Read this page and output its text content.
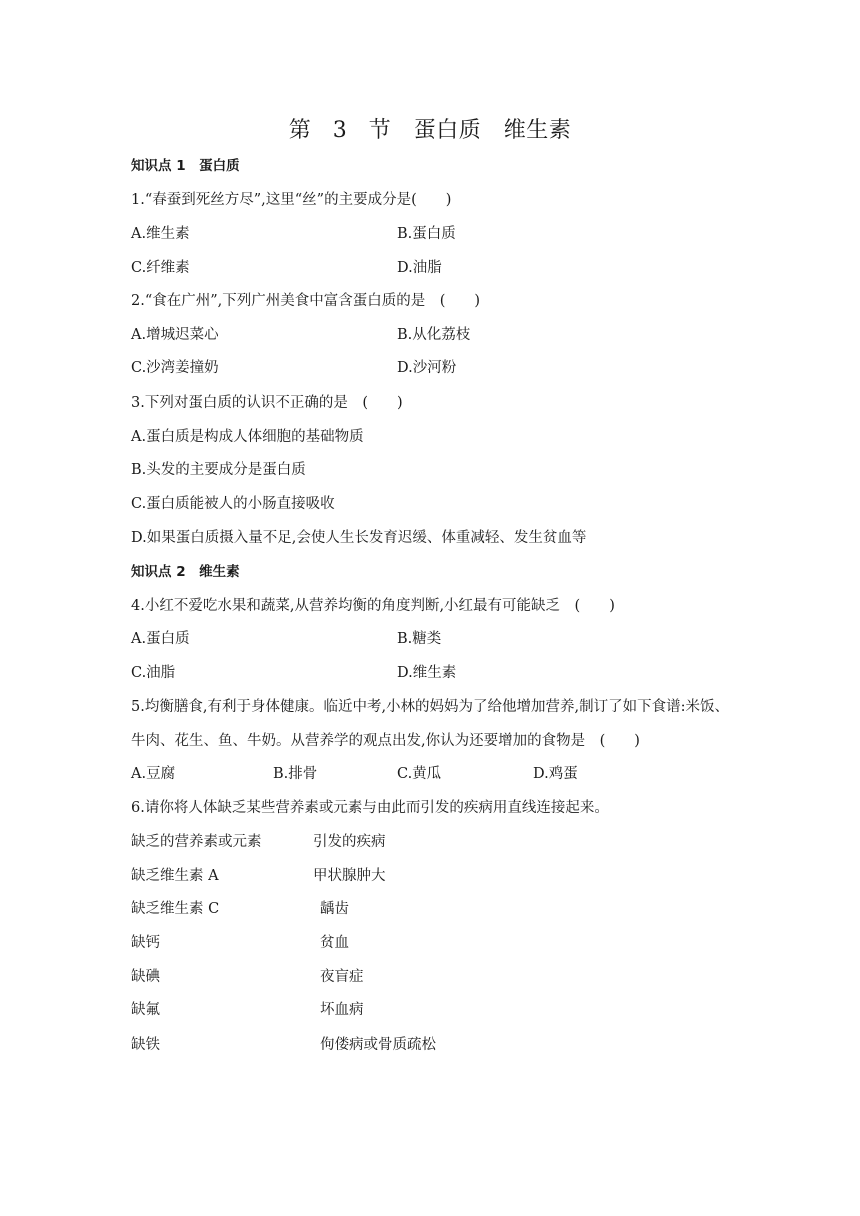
第 3 节　蛋白质　维生素
知识点 1　蛋白质
1.“春蚕到死丝方尽”,这里“丝”的主要成分是(　　)
A.维生素	B.蛋白质
C.纤维素	D.油脂
2.“食在广州”,下列广州美食中富含蛋白质的是　(　　)
A.增城迟菜心	B.从化荔枝
C.沙湾姜撞奶	D.沙河粉
3.下列对蛋白质的认识不正确的是　(　　)
A.蛋白质是构成人体细胞的基础物质
B.头发的主要成分是蛋白质
C.蛋白质能被人的小肠直接吸收
D.如果蛋白质摄入量不足,会使人生长发育迟缓、体重减轻、发生贫血等
知识点 2　维生素
4.小红不爱吃水果和蔬菜,从营养均衡的角度判断,小红最有可能缺乏　(　　)
A.蛋白质	B.糖类
C.油脂	D.维生素
5.均衡膳食,有利于身体健康。临近中考,小林的妈妈为了给他增加营养,制订了如下食谱:米饭、
牛肉、花生、鱼、牛奶。从营养学的观点出发,你认为还要增加的食物是　(　　)
A.豆腐	B.排骨	C.黄瓜	D.鸡蛋
6.请你将人体缺乏某些营养素或元素与由此而引发的疾病用直线连接起来。
缺乏的营养素或元素	引发的疾病
缺乏维生素 A	甲状腺肿大
缺乏维生素 C	龋齿
缺钙	贫血
缺碘	夜盲症
缺氟	坏血病
缺铁	佝偻病或骨质疏松
